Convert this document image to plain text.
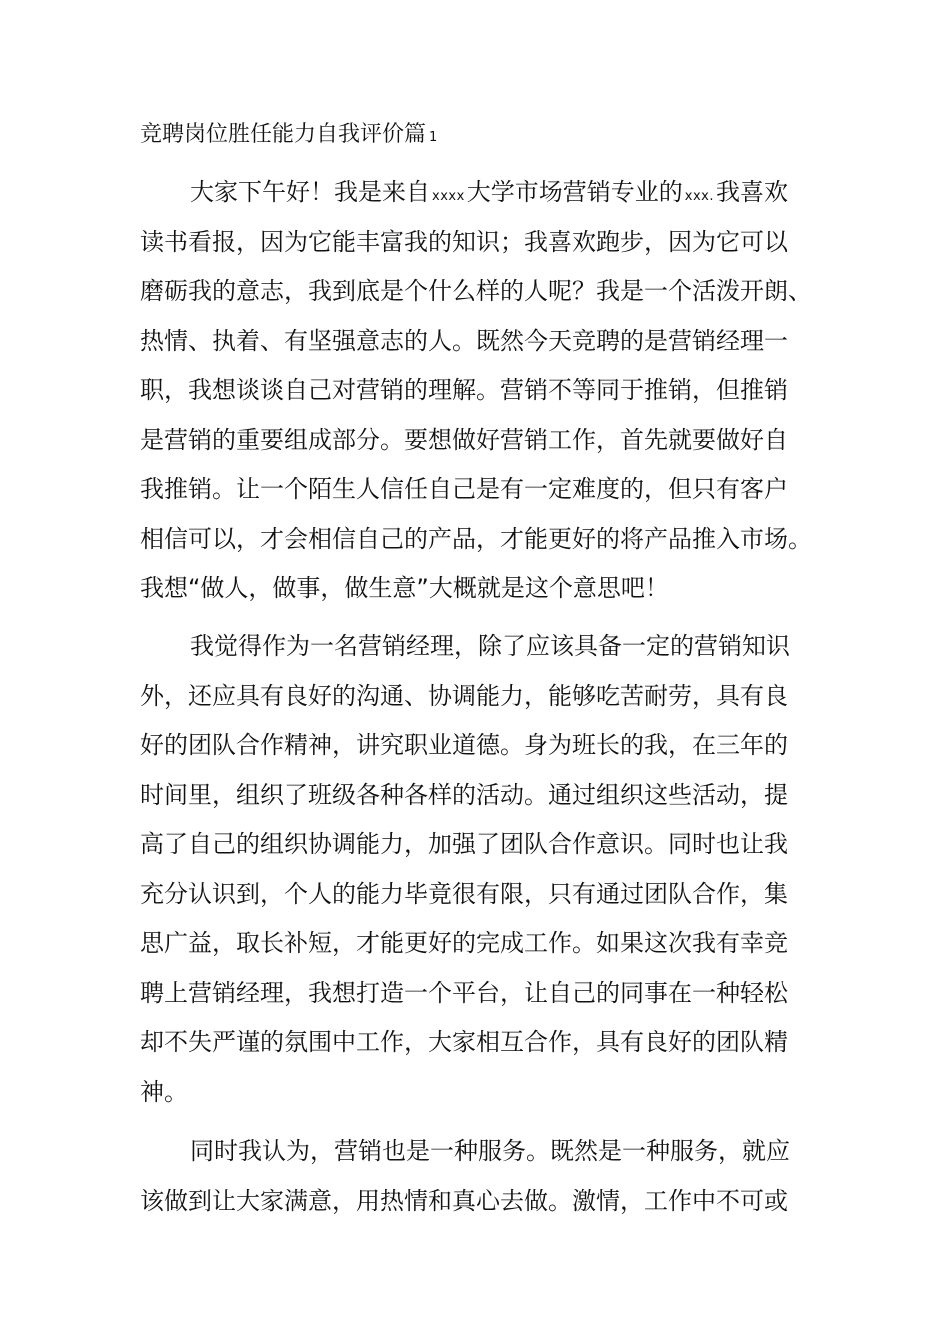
竞聘岗位胜任能力自我评价篇 1
大家下午好！我是来自 xxxx大学市场营销专业的 xxx.我喜欢
读书看报，因为它能丰富我的知识；我喜欢跑步，因为它可以
磨砺我的意志，我到底是个什么样的人呢？我是一个活泼开朗、
热情、执着、有坚强意志的人。既然今天竞聘的是营销经理一
职，我想谈谈自己对营销的理解。营销不等同于推销，但推销
是营销的重要组成部分。要想做好营销工作，首先就要做好自
我推销。让一个陌生人信任自己是有一定难度的，但只有客户
相信可以，才会相信自己的产品，才能更好的将产品推入市场。
我想“做人，做事，做生意”大概就是这个意思吧！
我觉得作为一名营销经理，除了应该具备一定的营销知识
外，还应具有良好的沟通、协调能力，能够吃苦耐劳，具有良
好的团队合作精神，讲究职业道德。身为班长的我，在三年的
时间里，组织了班级各种各样的活动。通过组织这些活动，提
高了自己的组织协调能力，加强了团队合作意识。同时也让我
充分认识到，个人的能力毕竟很有限，只有通过团队合作，集
思广益，取长补短，才能更好的完成工作。如果这次我有幸竞
聘上营销经理，我想打造一个平台，让自己的同事在一种轻松
却不失严谨的氛围中工作，大家相互合作，具有良好的团队精
神。
同时我认为，营销也是一种服务。既然是一种服务，就应
该做到让大家满意，用热情和真心去做。激情，工作中不可或
